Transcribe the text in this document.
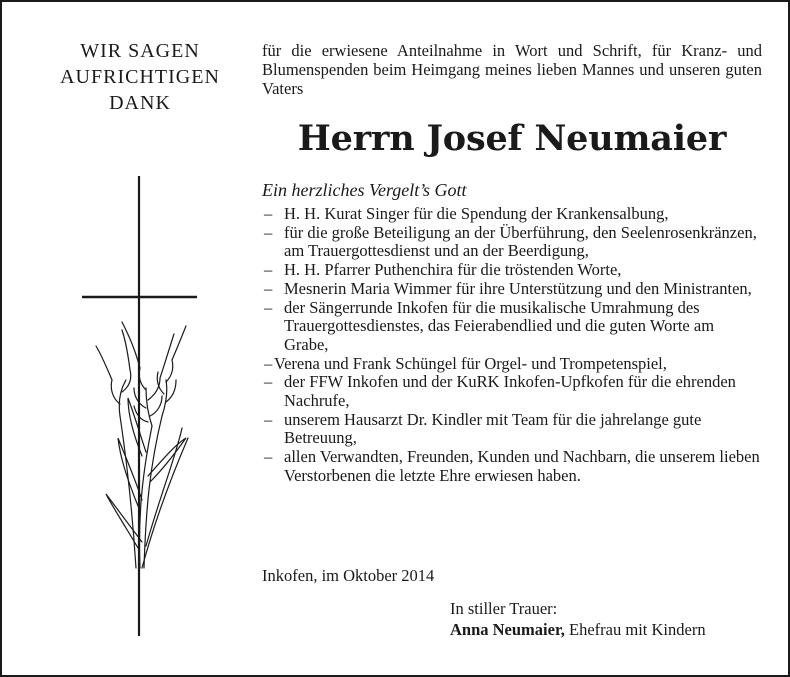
WIR SAGEN
AUFRICHTIGEN
DANK
für die erwiesene Anteilnahme in Wort und Schrift, für Kranz- und Blumenspenden beim Heimgang meines lieben Mannes und unseren guten Vaters
Herrn Josef Neumaier
Ein herzliches Vergelt’s Gott
– H. H. Kurat Singer für die Spendung der Krankensalbung,
– für die große Beteiligung an der Überführung, den Seelenrosenkränzen, am Trauergottesdienst und an der Beerdigung,
– H. H. Pfarrer Puthenchira für die tröstenden Worte,
– Mesnerin Maria Wimmer für ihre Unterstützung und den Ministranten,
– der Sängerrunde Inkofen für die musikalische Umrahmung des Trauergottesdienstes, das Feierabendlied und die guten Worte am Grabe,
– Verena und Frank Schüngel für Orgel- und Trompetenspiel,
– der FFW Inkofen und der KuRK Inkofen-Upfkofen für die ehrenden Nachrufe,
– unserem Hausarzt Dr. Kindler mit Team für die jahrelange gute Betreuung,
– allen Verwandten, Freunden, Kunden und Nachbarn, die unserem lieben Verstorbenen die letzte Ehre erwiesen haben.
Inkofen, im Oktober 2014
In stiller Trauer:
Anna Neumaier, Ehefrau mit Kindern
